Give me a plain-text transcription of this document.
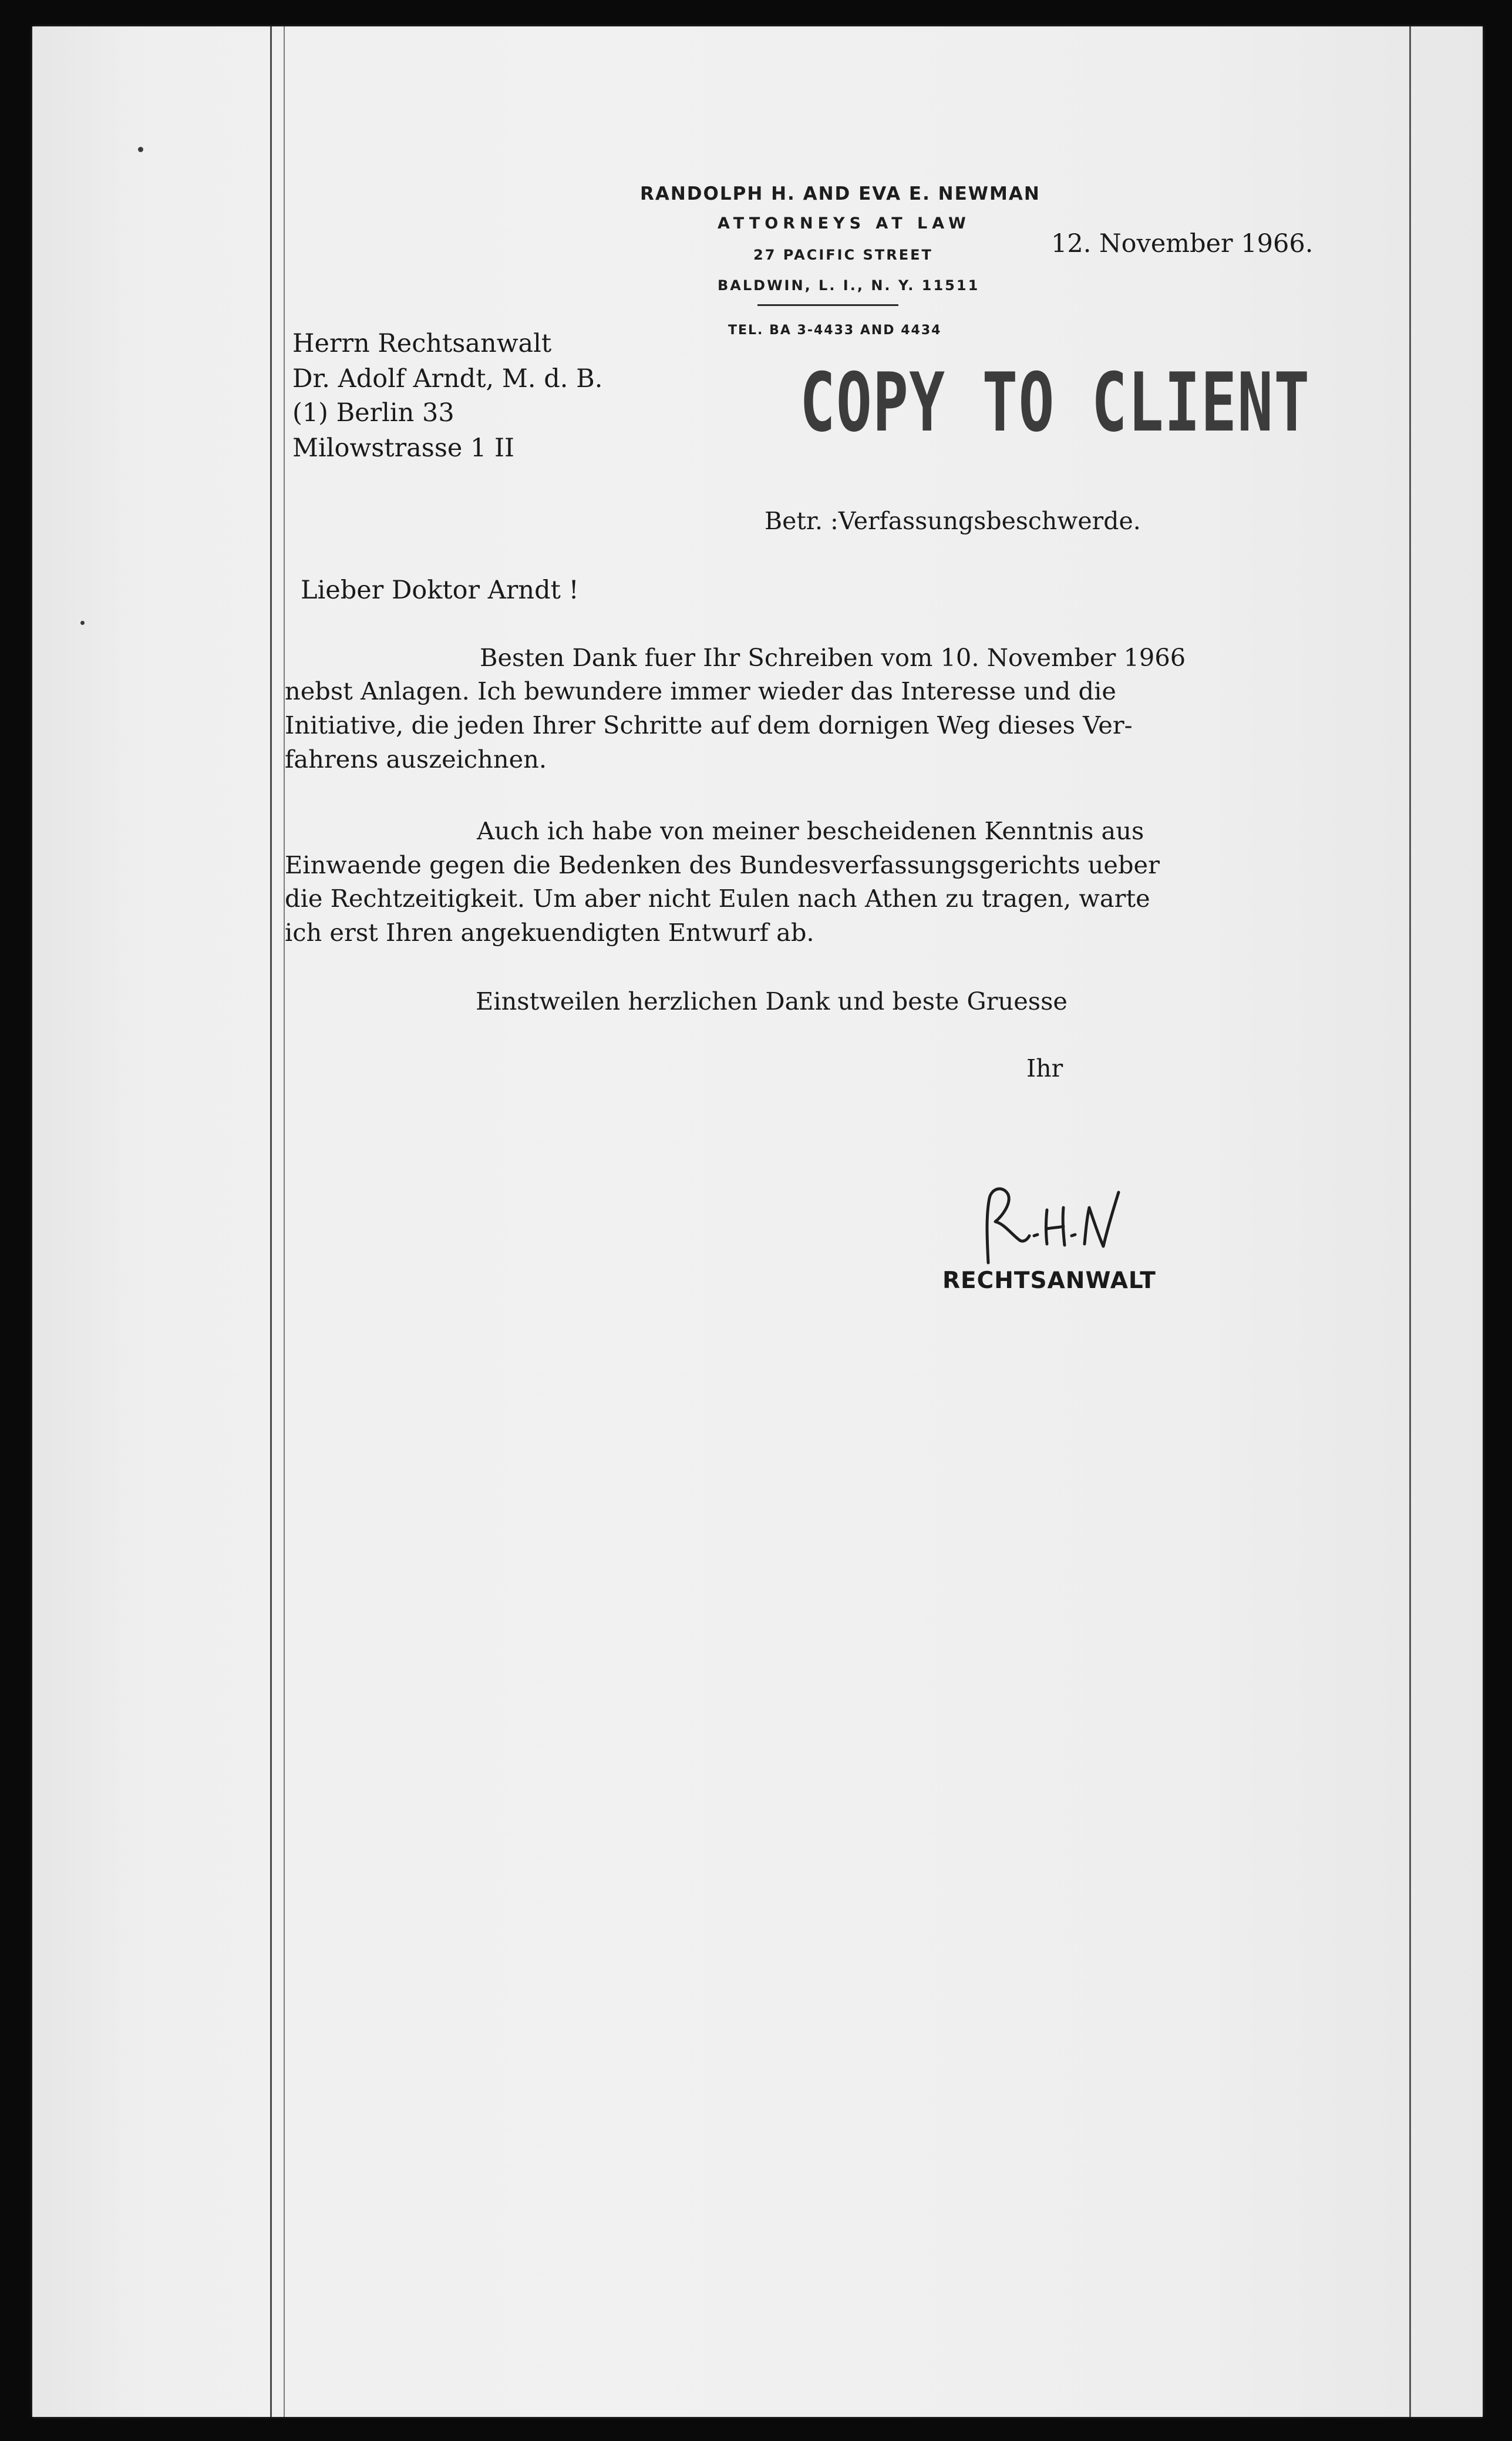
RANDOLPH H. AND EVA E. NEWMAN
ATTORNEYS AT LAW
27 PACIFIC STREET
BALDWIN, L. I., N. Y. 11511
TEL. BA 3-4433 AND 4434
12. November 1966.
COPY TO CLIENT
Herrn Rechtsanwalt
Dr. Adolf Arndt, M. d. B.
(1) Berlin 33
Milowstrasse 1 II
Betr. :Verfassungsbeschwerde.
Lieber Doktor Arndt !
Besten Dank fuer Ihr Schreiben vom 10. November 1966
nebst Anlagen. Ich bewundere immer wieder das Interesse und die
Initiative, die jeden Ihrer Schritte auf dem dornigen Weg dieses Ver-
fahrens auszeichnen.
Auch ich habe von meiner bescheidenen Kenntnis aus
Einwaende gegen die Bedenken des Bundesverfassungsgerichts ueber
die Rechtzeitigkeit. Um aber nicht Eulen nach Athen zu tragen, warte
ich erst Ihren angekuendigten Entwurf ab.
Einstweilen herzlichen Dank und beste Gruesse
Ihr
RECHTSANWALT
